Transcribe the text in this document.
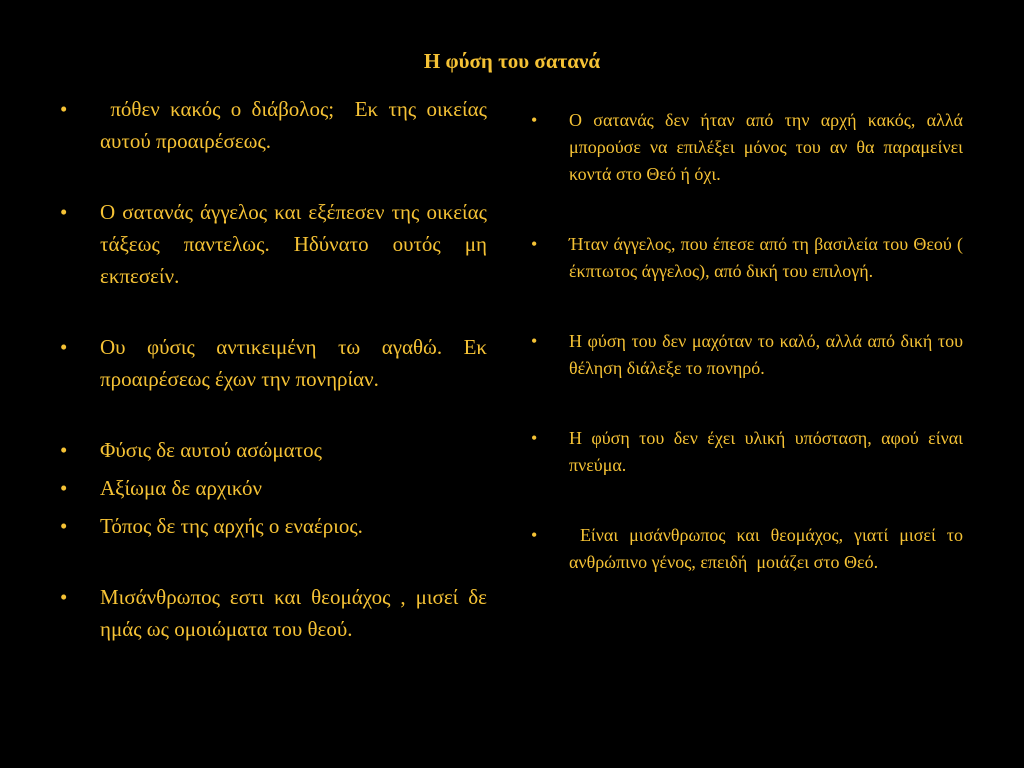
Η φύση του σατανά
• πόθεν κακός ο διάβολος;  Εκ της οικείας αυτού προαιρέσεως.
• Ο σατανάς άγγελος και εξέπεσεν της οικείας τάξεως παντελως. Ηδύνατο ουτός μη εκπεσείν.
• Ου φύσις αντικειμένη τω αγαθώ. Εκ προαιρέσεως έχων την πονηρίαν.
• Φύσις δε αυτού ασώματος
• Αξίωμα δε αρχικόν
• Τόπος δε της αρχής ο εναέριος.
• Μισάνθρωπος εστι και θεομάχος , μισεί δε ημάς ως ομοιώματα του θεού.
• Ο σατανάς δεν ήταν από την αρχή κακός, αλλά μπορούσε να επιλέξει μόνος του αν θα παραμείνει κοντά στο Θεό ή όχι.
• Ήταν άγγελος, που έπεσε από τη βασιλεία του Θεού ( έκπτωτος άγγελος), από δική του επιλογή.
• Η φύση του δεν μαχόταν το καλό, αλλά από δική του θέληση διάλεξε το πονηρό.
• Η φύση του δεν έχει υλική υπόσταση, αφού είναι πνεύμα.
• Είναι μισάνθρωπος και θεομάχος, γιατί μισεί το ανθρώπινο γένος, επειδή  μοιάζει στο Θεό.
